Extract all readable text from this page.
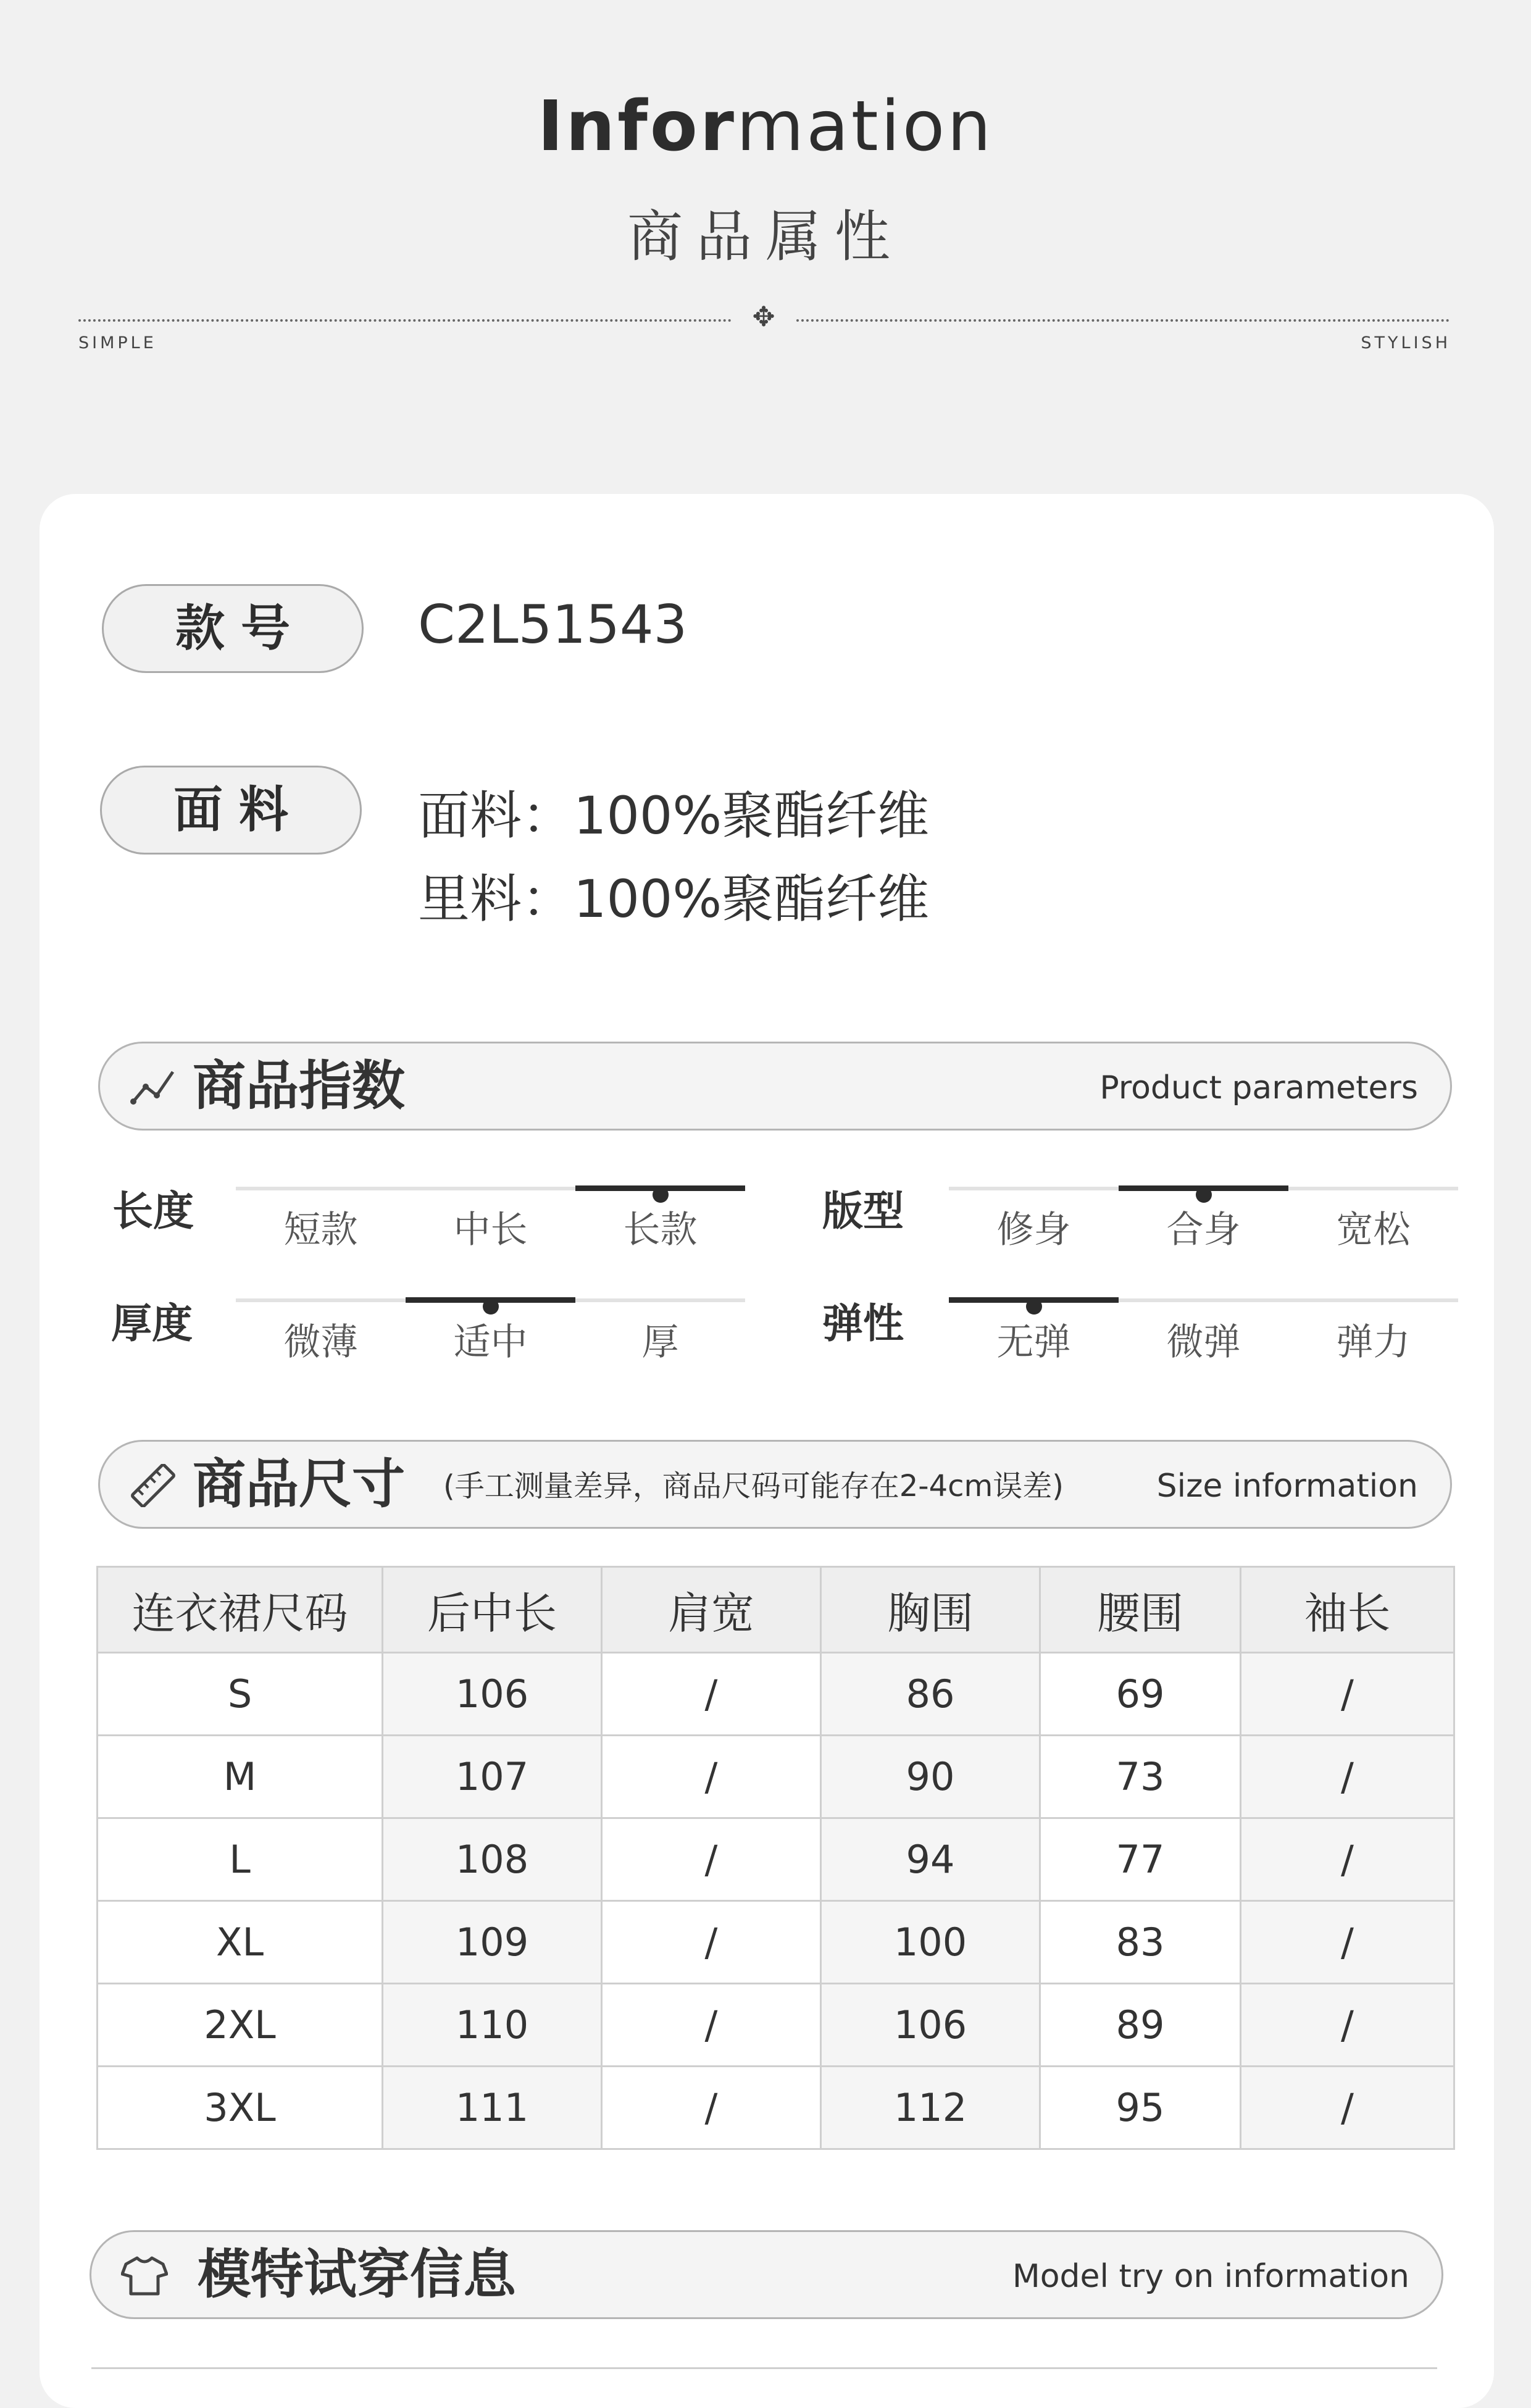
Information
商品属性
✥
SIMPLE	STYLISH
款号	C2L51543
面料	面料：100%聚酯纤维
里料：100%聚酯纤维
商品指数	Product parameters
长度	短款	中长	长款	版型	修身	合身	宽松
厚度	微薄	适中	厚	弹性	无弹	微弹	弹力
商品尺寸 (手工测量差异，商品尺码可能存在2-4cm误差)	Size information
连衣裙尺码	后中长	肩宽	胸围	腰围	袖长
S	106	/	86	69	/
M	107	/	90	73	/
L	108	/	94	77	/
XL	109	/	100	83	/
2XL	110	/	106	89	/
3XL	111	/	112	95	/
模特试穿信息	Model try on information
